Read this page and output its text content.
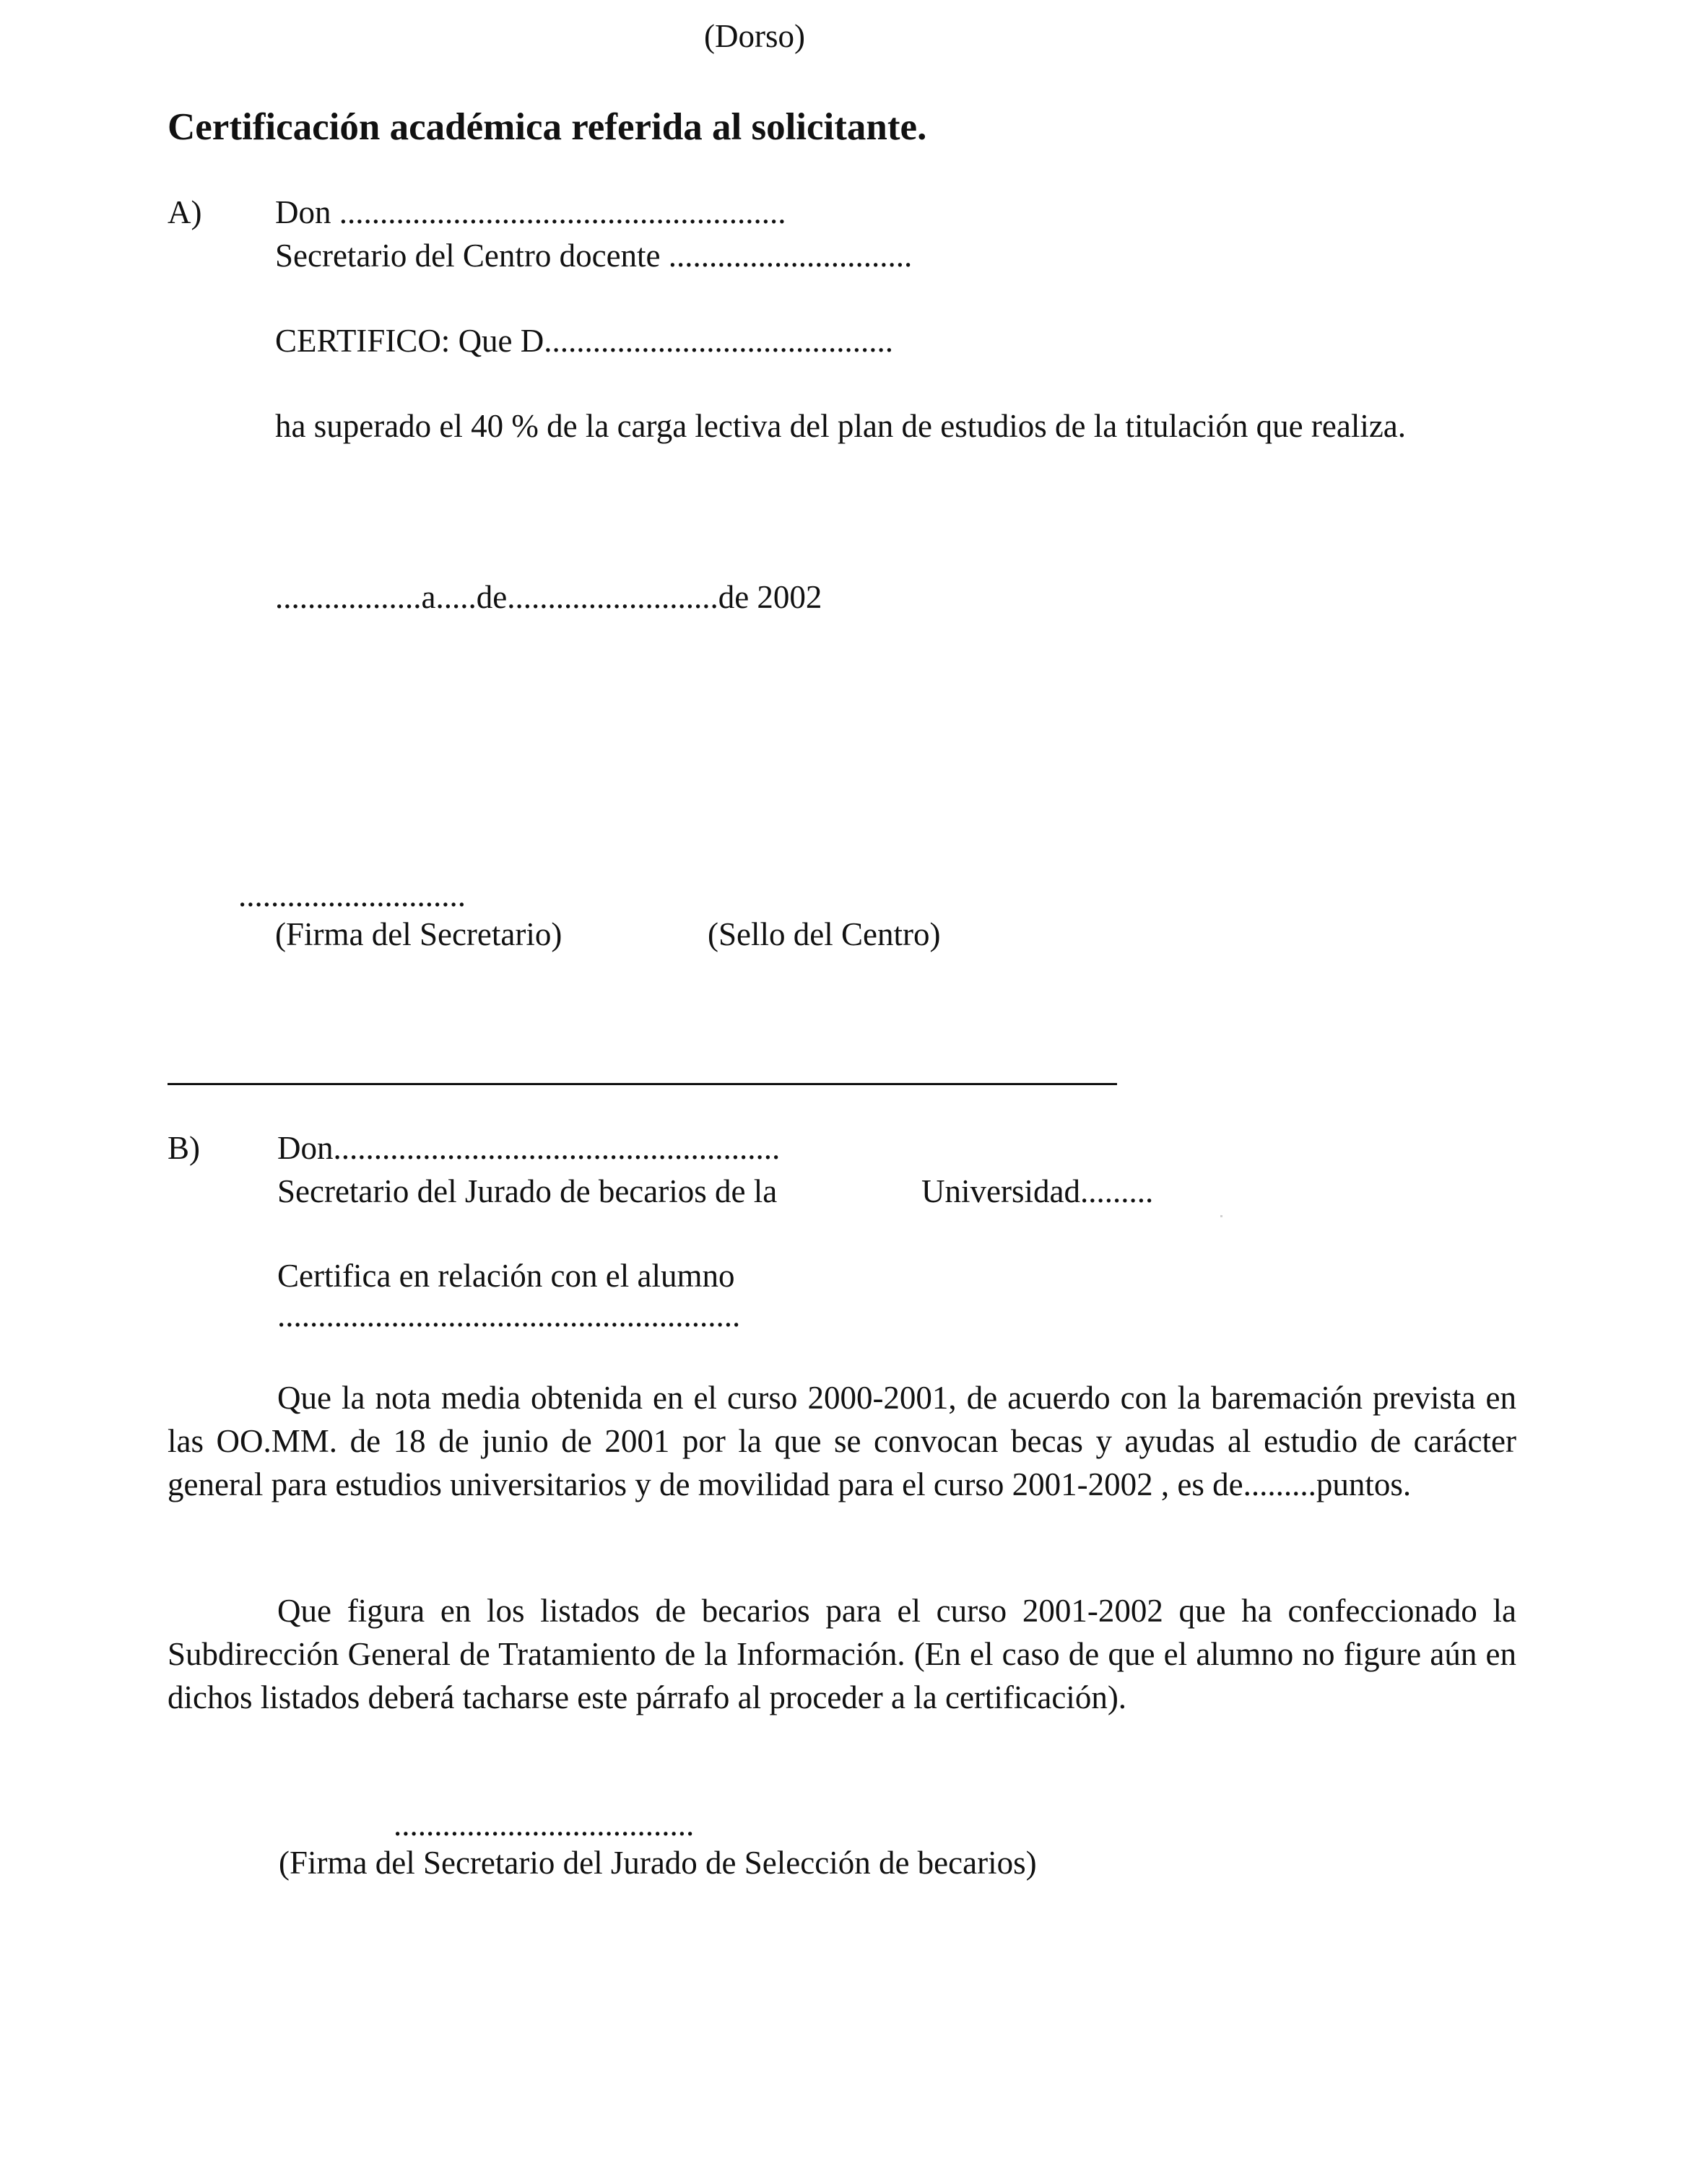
(Dorso)
Certificación académica referida al solicitante.
A) Don .......................................................
Secretario del Centro docente ..............................
CERTIFICO: Que D...........................................
ha superado el 40 % de la carga lectiva del plan de estudios de la titulación que realiza.
..................a.....de..........................de 2002
............................
(Firma del Secretario)	(Sello del Centro)
B) Don.......................................................
Secretario del Jurado de becarios de la	Universidad.........
Certifica en relación con el alumno
.........................................................
Que la nota media obtenida en el curso 2000-2001, de acuerdo con la baremación prevista en las OO.MM. de 18 de junio de 2001 por la que se convocan becas y ayudas al estudio de carácter general para estudios universitarios y de movilidad para el curso 2001-2002 , es de.........puntos.
Que figura en los listados de becarios para el curso 2001-2002 que ha confeccionado la Subdirección General de Tratamiento de la Información. (En el caso de que el alumno no figure aún en dichos listados deberá tacharse este párrafo al proceder a la certificación).
.....................................
(Firma del Secretario del Jurado de Selección de becarios)
